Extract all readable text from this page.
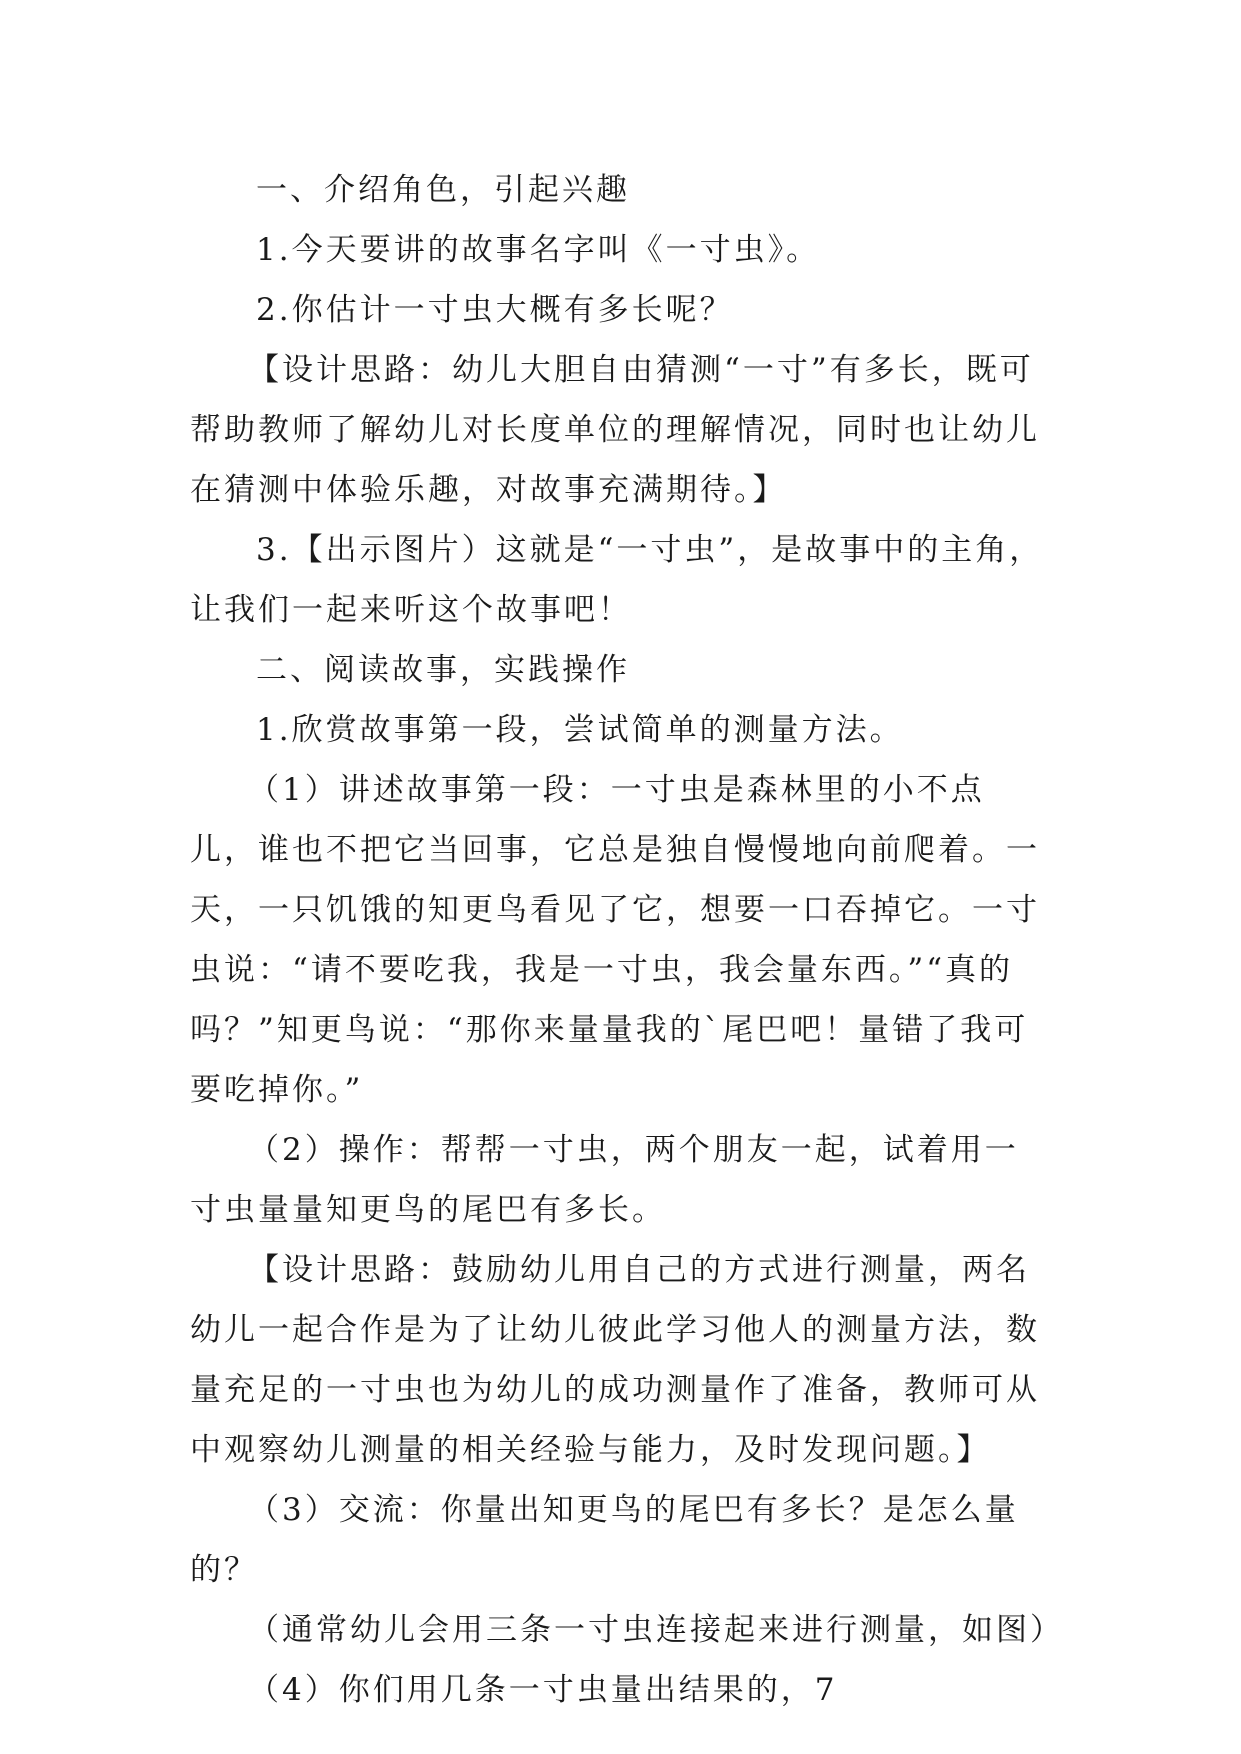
一、介绍角色，引起兴趣

1.今天要讲的故事名字叫《一寸虫》。

2.你估计一寸虫大概有多长呢？

【设计思路：幼儿大胆自由猜测“一寸”有多长，既可帮助教师了解幼儿对长度单位的理解情况，同时也让幼儿在猜测中体验乐趣，对故事充满期待。】

3.【出示图片）这就是“一寸虫”，是故事中的主角，让我们一起来听这个故事吧！

二、阅读故事，实践操作

1.欣赏故事第一段，尝试简单的测量方法。

（1）讲述故事第一段：一寸虫是森林里的小不点儿，谁也不把它当回事，它总是独自慢慢地向前爬着。一天，一只饥饿的知更鸟看见了它，想要一口吞掉它。一寸虫说：“请不要吃我，我是一寸虫，我会量东西。”“真的吗？”知更鸟说：“那你来量量我的`尾巴吧！量错了我可要吃掉你。”

（2）操作：帮帮一寸虫，两个朋友一起，试着用一寸虫量量知更鸟的尾巴有多长。

【设计思路：鼓励幼儿用自己的方式进行测量，两名幼儿一起合作是为了让幼儿彼此学习他人的测量方法，数量充足的一寸虫也为幼儿的成功测量作了准备，教师可从中观察幼儿测量的相关经验与能力，及时发现问题。】

（3）交流：你量出知更鸟的尾巴有多长？是怎么量的？

（通常幼儿会用三条一寸虫连接起来进行测量，如图）

（4）你们用几条一寸虫量出结果的，7
